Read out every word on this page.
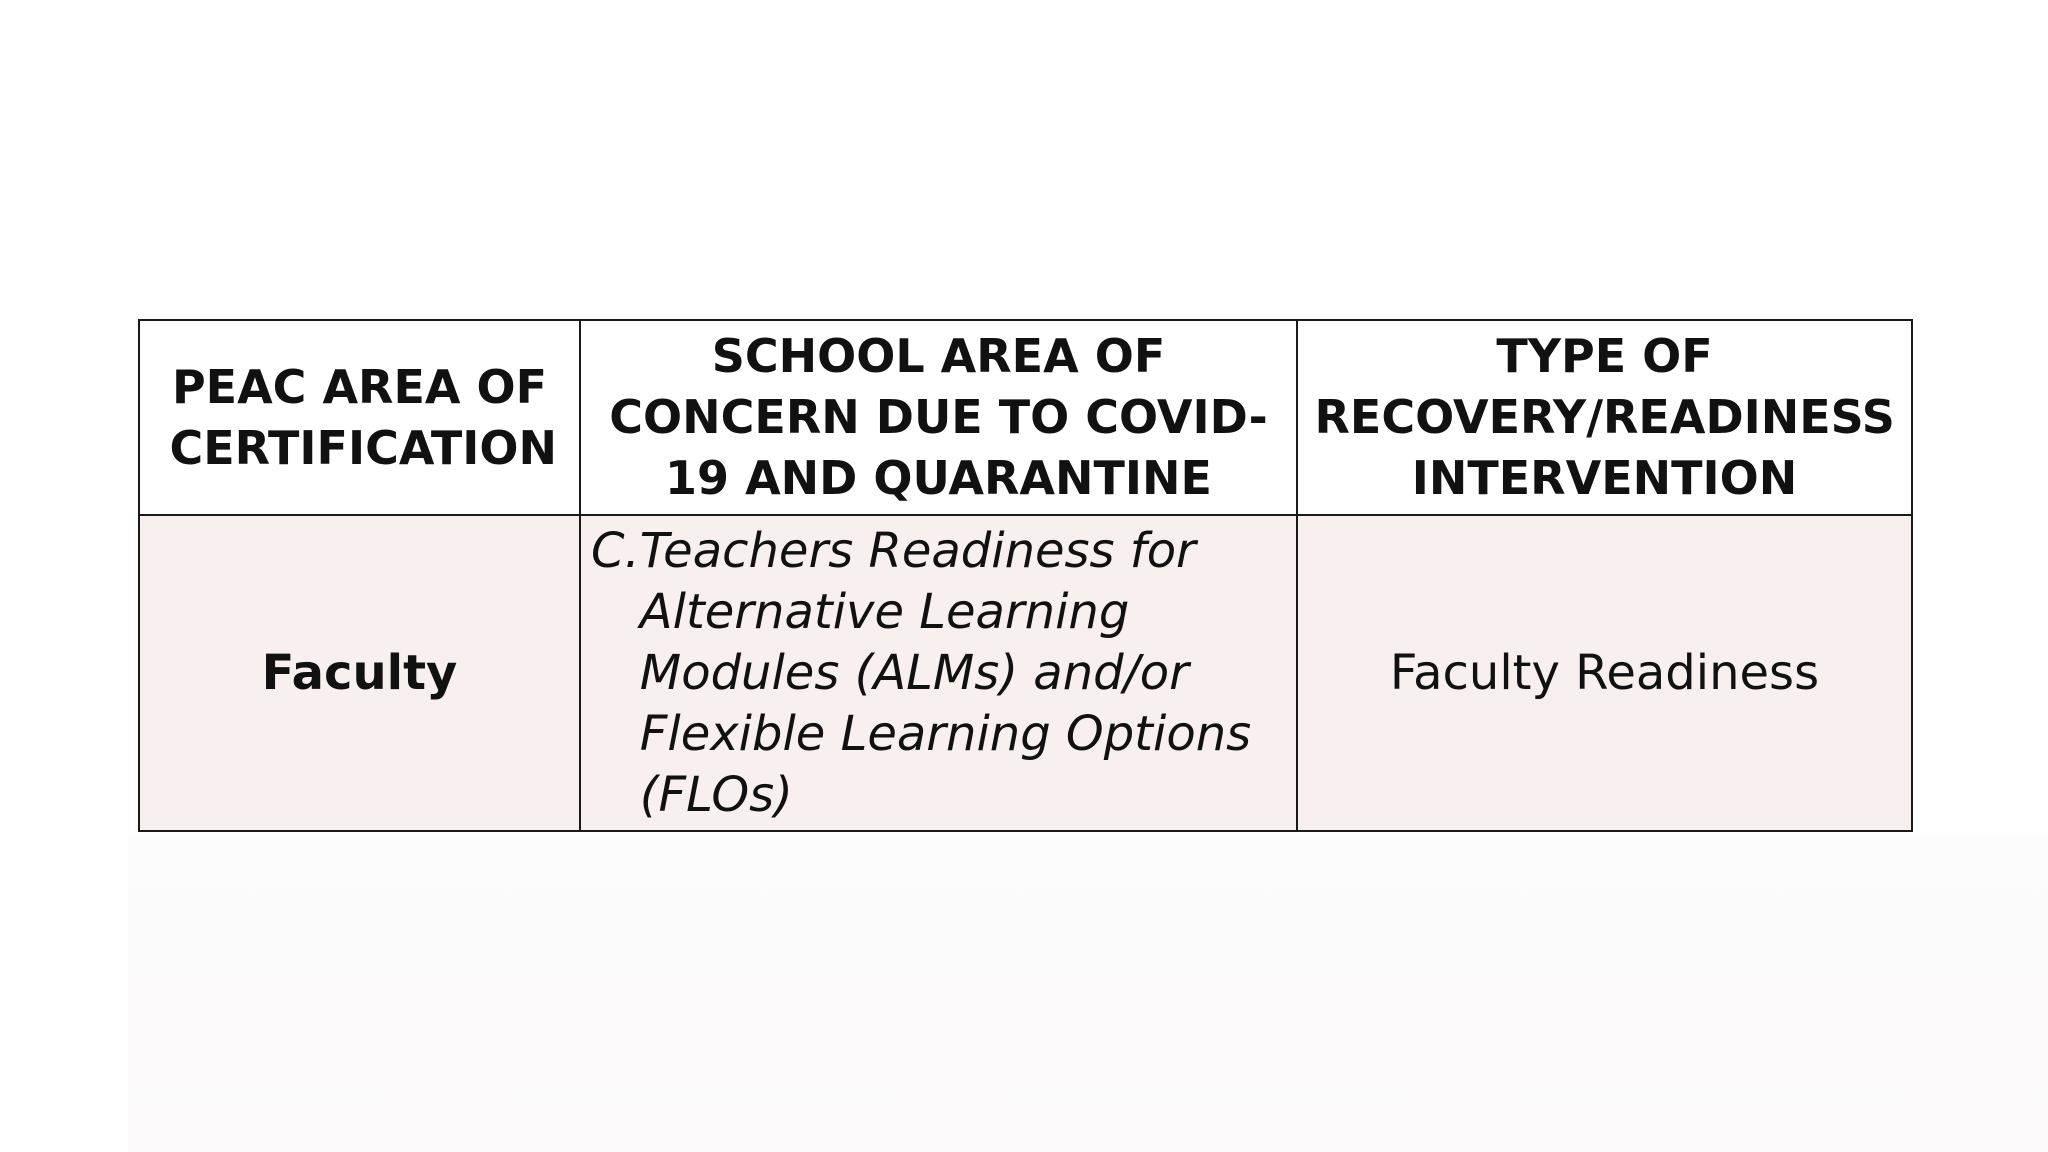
PEAC AREA OF CERTIFICATION	SCHOOL AREA OF CONCERN DUE TO COVID-19 AND QUARANTINE	TYPE OF RECOVERY/READINESS INTERVENTION
Faculty	C. Teachers Readiness for Alternative Learning Modules (ALMs) and/or Flexible Learning Options (FLOs)	Faculty Readiness
